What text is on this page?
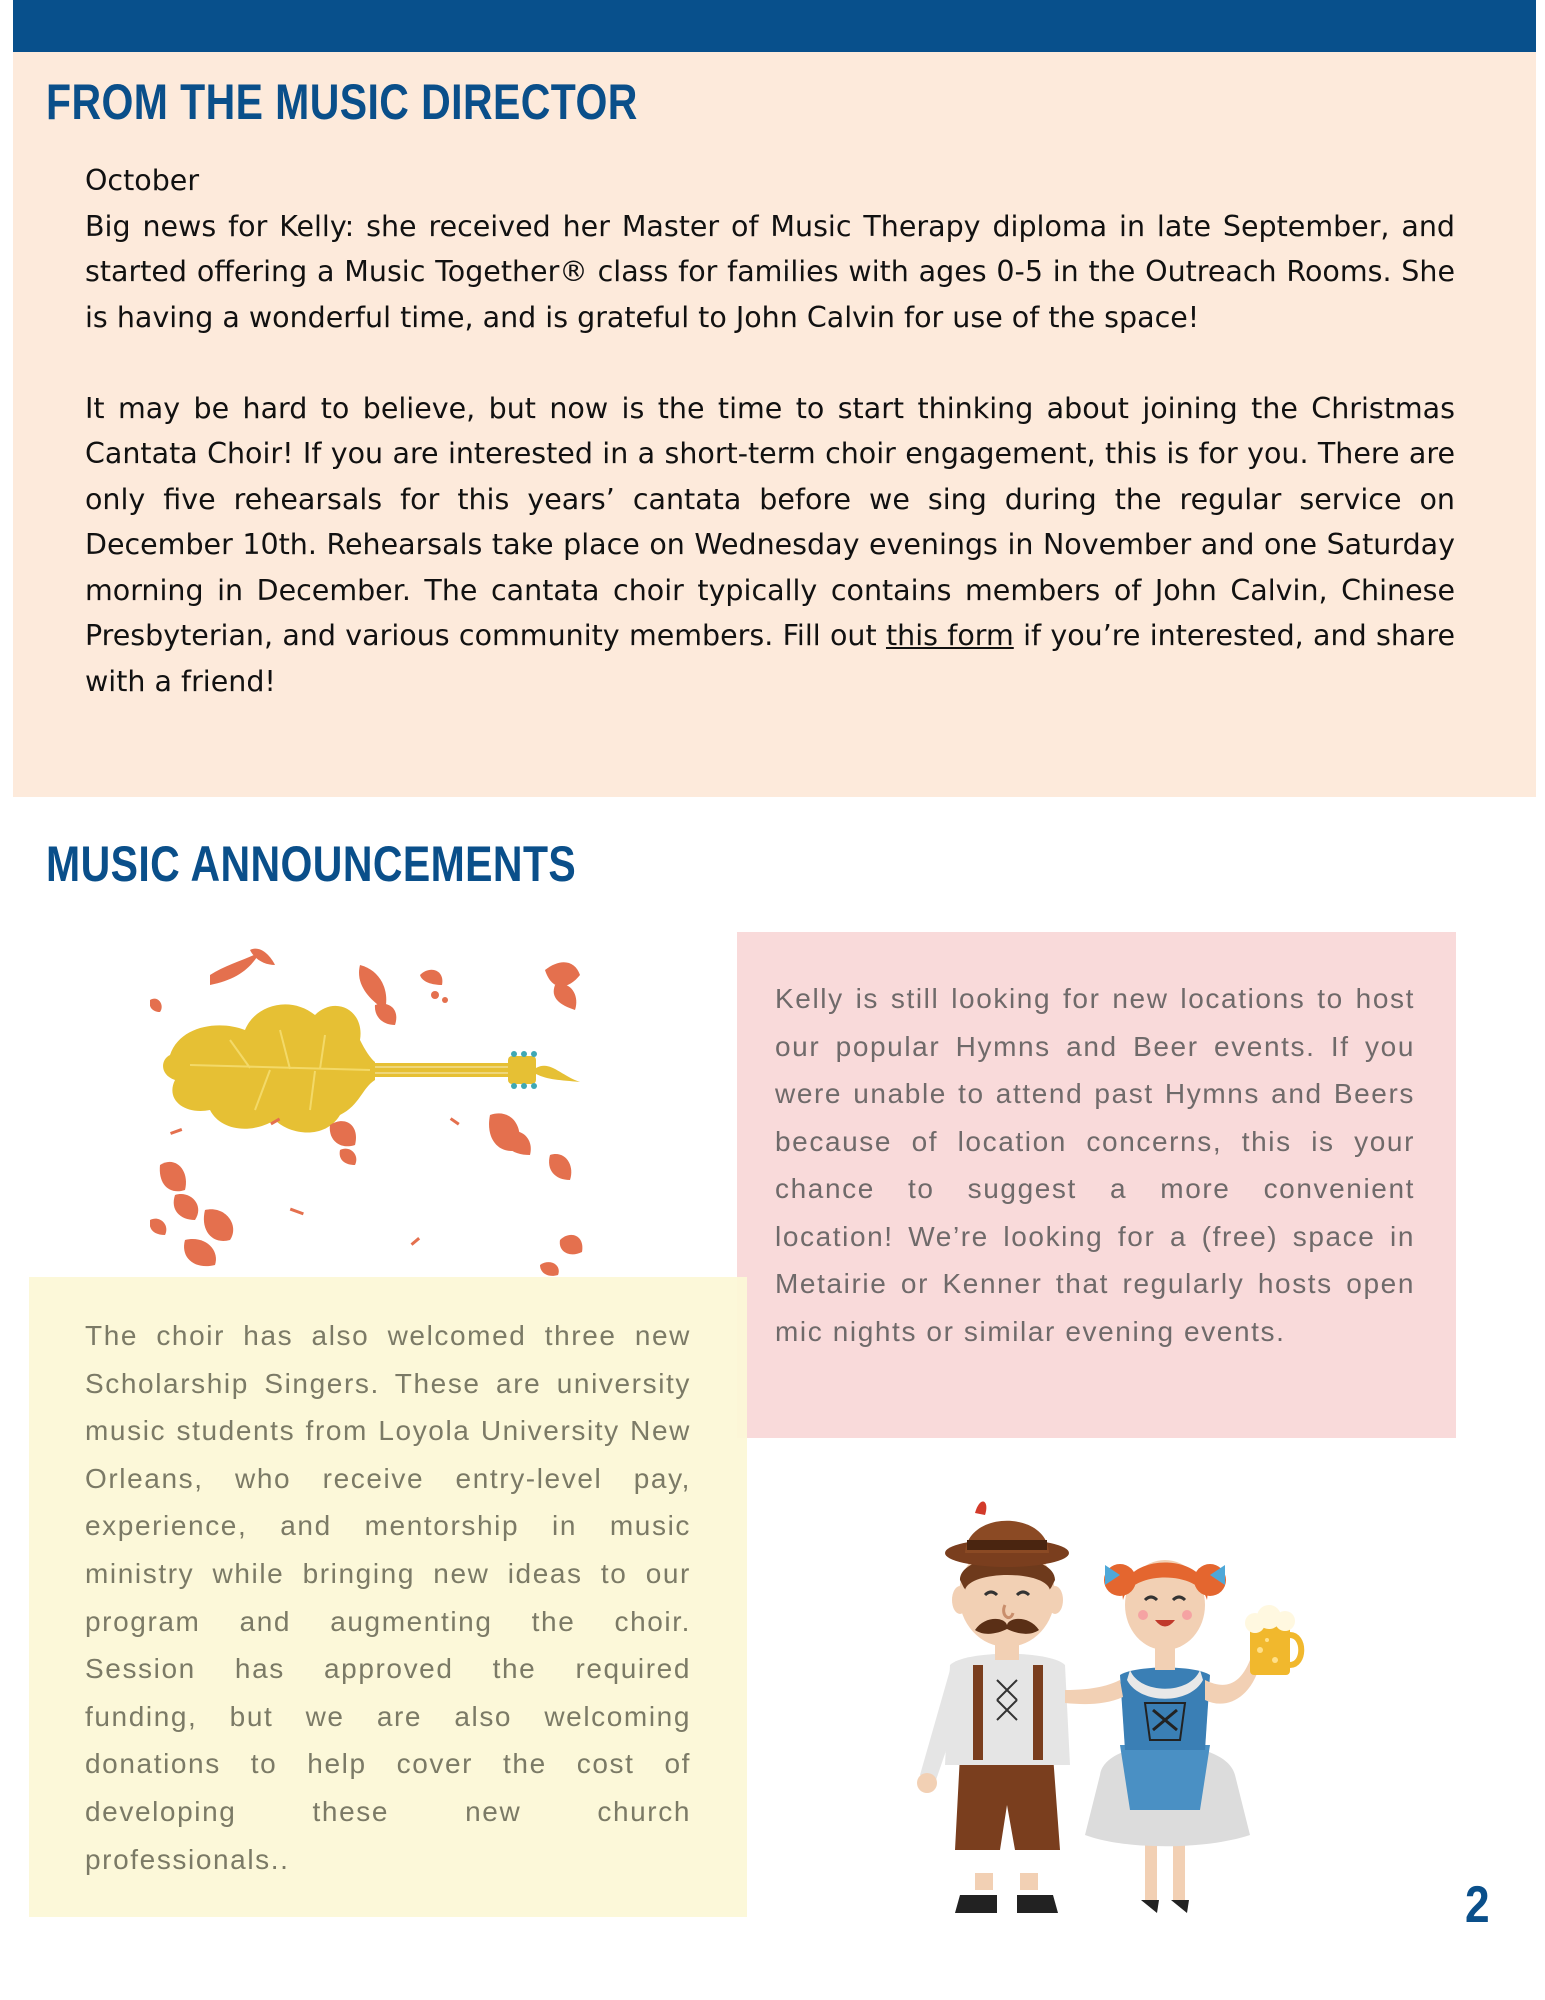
FROM THE MUSIC DIRECTOR

October

Big news for Kelly: she received her Master of Music Therapy diploma in late September, and started offering a Music Together® class for families with ages 0-5 in the Outreach Rooms. She is having a wonderful time, and is grateful to John Calvin for use of the space!

It may be hard to believe, but now is the time to start thinking about joining the Christmas Cantata Choir! If you are interested in a short-term choir engagement, this is for you. There are only five rehearsals for this years’ cantata before we sing during the regular service on December 10th. Rehearsals take place on Wednesday evenings in November and one Saturday morning in December. The cantata choir typically contains members of John Calvin, Chinese Presbyterian, and various community members. Fill out this form if you’re interested, and share with a friend!

MUSIC ANNOUNCEMENTS

Kelly is still looking for new locations to host our popular Hymns and Beer events. If you were unable to attend past Hymns and Beers because of location concerns, this is your chance to suggest a more convenient location! We’re looking for a (free) space in Metairie or Kenner that regularly hosts open mic nights or similar evening events.

The choir has also welcomed three new Scholarship Singers. These are university music students from Loyola University New Orleans, who receive entry-level pay, experience, and mentorship in music ministry while bringing new ideas to our program and augmenting the choir. Session has approved the required funding, but we are also welcoming donations to help cover the cost of developing these new church professionals..

2
